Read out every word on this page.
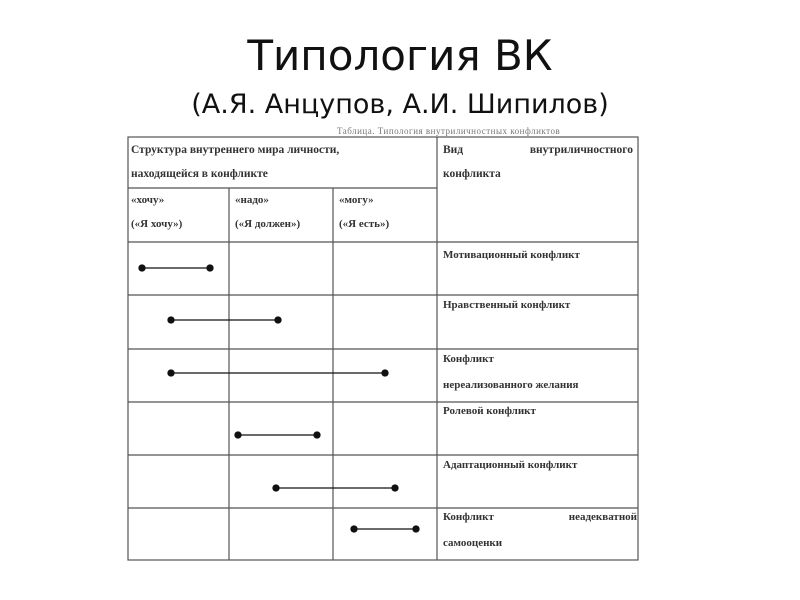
Типология ВК
(А.Я. Анцупов, А.И. Шипилов)
Таблица. Типология внутриличностных конфликтов
Структура внутреннего мира личности,
находящейся в конфликте
Вид	внутриличностного
конфликта
«хочу»
(«Я хочу»)
«надо»
(«Я должен»)
«могу»
(«Я есть»)
Мотивационный конфликт
Нравственный конфликт
Конфликт
нереализованного желания
Ролевой конфликт
Адаптационный конфликт
Конфликт	неадекватной
самооценки
